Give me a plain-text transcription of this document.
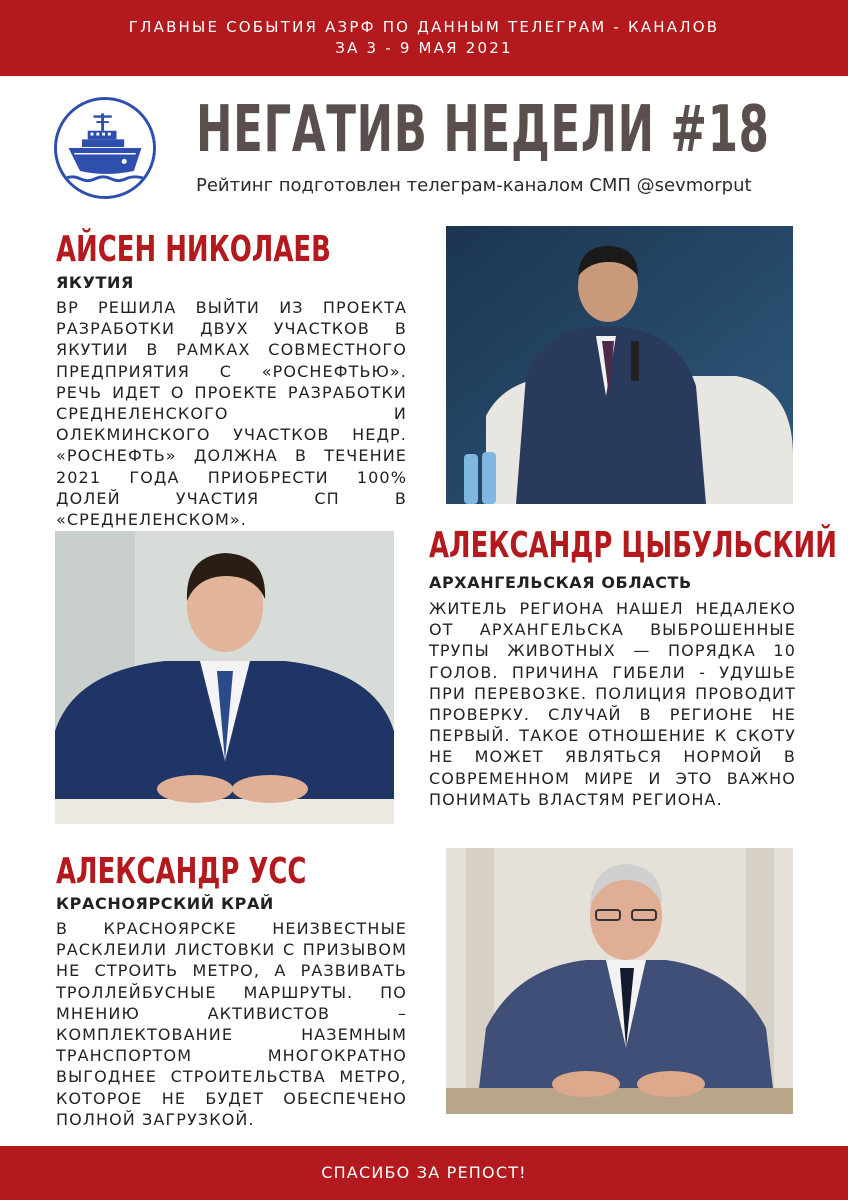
ГЛАВНЫЕ СОБЫТИЯ АЗРФ ПО ДАННЫМ ТЕЛЕГРАМ - КАНАЛОВ
ЗА 3 - 9 МАЯ 2021
НЕГАТИВ НЕДЕЛИ #18
Рейтинг подготовлен телеграм-каналом СМП @sevmorput
АЙСЕН НИКОЛАЕВ
ЯКУТИЯ
ВР РЕШИЛА ВЫЙТИ ИЗ ПРОЕКТА РАЗРАБОТКИ ДВУХ УЧАСТКОВ В ЯКУТИИ В РАМКАХ СОВМЕСТНОГО ПРЕДПРИЯТИЯ С «РОСНЕФТЬЮ». РЕЧЬ ИДЕТ О ПРОЕКТЕ РАЗРАБОТКИ СРЕДНЕЛЕНСКОГО И ОЛЕКМИНСКОГО УЧАСТКОВ НЕДР. «РОСНЕФТЬ» ДОЛЖНА В ТЕЧЕНИЕ 2021 ГОДА ПРИОБРЕСТИ 100% ДОЛЕЙ УЧАСТИЯ СП В «СРЕДНЕЛЕНСКОМ».
АЛЕКСАНДР ЦЫБУЛЬСКИЙ
АРХАНГЕЛЬСКАЯ ОБЛАСТЬ
ЖИТЕЛЬ РЕГИОНА НАШЕЛ НЕДАЛЕКО ОТ АРХАНГЕЛЬСКА ВЫБРОШЕННЫЕ ТРУПЫ ЖИВОТНЫХ — ПОРЯДКА 10 ГОЛОВ. ПРИЧИНА ГИБЕЛИ - УДУШЬЕ ПРИ ПЕРЕВОЗКЕ. ПОЛИЦИЯ ПРОВОДИТ ПРОВЕРКУ. СЛУЧАЙ В РЕГИОНЕ НЕ ПЕРВЫЙ. ТАКОЕ ОТНОШЕНИЕ К СКОТУ НЕ МОЖЕТ ЯВЛЯТЬСЯ НОРМОЙ В СОВРЕМЕННОМ МИРЕ И ЭТО ВАЖНО ПОНИМАТЬ ВЛАСТЯМ РЕГИОНА.
АЛЕКСАНДР УСС
КРАСНОЯРСКИЙ КРАЙ
В КРАСНОЯРСКЕ НЕИЗВЕСТНЫЕ РАСКЛЕИЛИ ЛИСТОВКИ С ПРИЗЫВОМ НЕ СТРОИТЬ МЕТРО, А РАЗВИВАТЬ ТРОЛЛЕЙБУСНЫЕ МАРШРУТЫ. ПО МНЕНИЮ АКТИВИСТОВ – КОМПЛЕКТОВАНИЕ НАЗЕМНЫМ ТРАНСПОРТОМ МНОГОКРАТНО ВЫГОДНЕЕ СТРОИТЕЛЬСТВА МЕТРО, КОТОРОЕ НЕ БУДЕТ ОБЕСПЕЧЕНО ПОЛНОЙ ЗАГРУЗКОЙ.
СПАСИБО ЗА РЕПОСТ!
